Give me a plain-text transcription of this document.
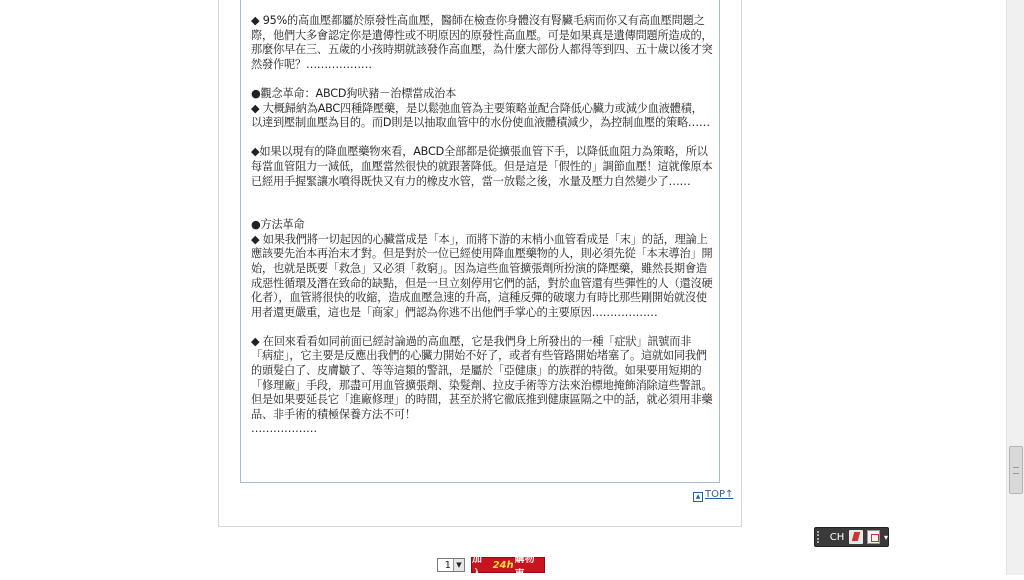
◆ 95%的高血壓都屬於原發性高血壓，醫師在檢查你身體沒有腎臟毛病而你又有高血壓問題之際，他們大多會認定你是遺傳性或不明原因的原發性高血壓。可是如果真是遺傳問題所造成的，那麼你早在三、五歲的小孩時期就該發作高血壓，為什麼大部份人都得等到四、五十歲以後才突然發作呢？………………

●觀念革命：ABCD狗吠豬－治標當成治本

◆ 大概歸納為ABC四種降壓藥，是以鬆弛血管為主要策略並配合降低心臟力或減少血液體積，以達到壓制血壓為目的。而D則是以抽取血管中的水份使血液體積減少，為控制血壓的策略……

◆如果以現有的降血壓藥物來看，ABCD全部都是從擴張血管下手，以降低血阻力為策略，所以每當血管阻力一減低，血壓當然很快的就跟著降低。但是這是「假性的」調節血壓！這就像原本已經用手握緊讓水噴得既快又有力的橡皮水管，當一放鬆之後，水量及壓力自然變少了……

●方法革命

◆ 如果我們將一切起因的心臟當成是「本」，而將下游的末梢小血管看成是「末」的話，理論上應該要先治本再治末才對。但是對於一位已經使用降血壓藥物的人，則必須先從「本末導治」開始，也就是既要「救急」又必須「救窮」。因為這些血管擴張劑所扮演的降壓藥，雖然長期會造成惡性循環及潛在致命的缺點，但是一旦立刻停用它們的話，對於血管還有些彈性的人（還沒硬化者），血管將很快的收縮，造成血壓急速的升高，這種反彈的破壞力有時比那些剛開始就沒使用者還更嚴重，這也是「商家」們認為你逃不出他們手掌心的主要原因………………

◆ 在回來看看如同前面已經討論過的高血壓，它是我們身上所發出的一種「症狀」訊號而非「病症」，它主要是反應出我們的心臟力開始不好了，或者有些管路開始堵塞了。這就如同我們的頭髮白了、皮膚皺了、等等這類的警訊，是屬於「亞健康」的族群的特徵。如果要用短期的「修理廠」手段，那盡可用血管擴張劑、染髮劑、拉皮手術等方法來治標地掩飾消除這些警訊。但是如果要延長它「進廠修理」的時間，甚至於將它徹底推到健康區隔之中的話，就必須用非藥品、非手術的積極保養方法不可！

………………

▲ TOP↑
CH	▾
1 ▼ 加入
24h 購物車
